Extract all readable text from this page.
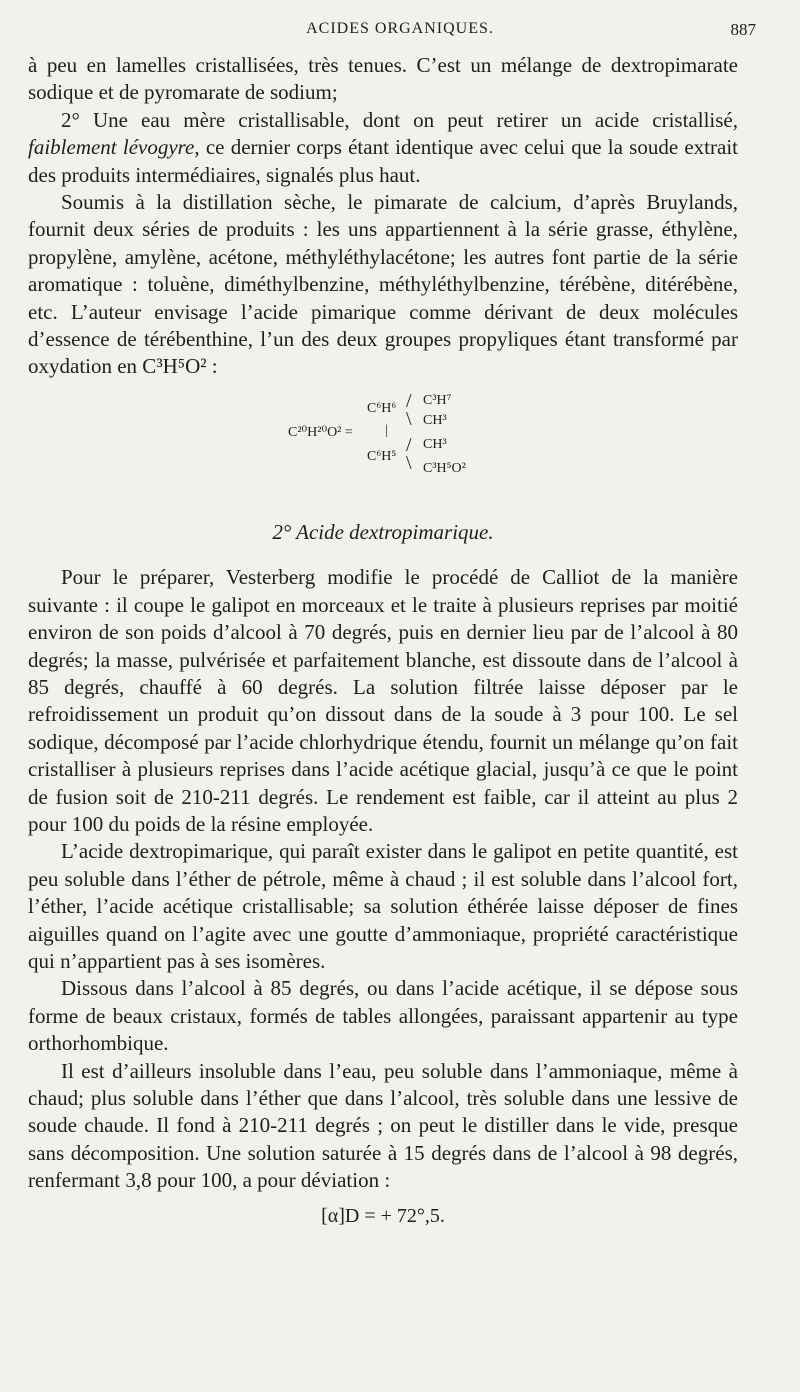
ACIDES ORGANIQUES.	887

à peu en lamelles cristallisées, très tenues. C’est un mélange de dextropimarate sodique et de pyromarate de sodium;

2° Une eau mère cristallisable, dont on peut retirer un acide cristallisé, faiblement lévogyre, ce dernier corps étant identique avec celui que la soude extrait des produits intermédiaires, signalés plus haut.

Soumis à la distillation sèche, le pimarate de calcium, d’après Bruylands, fournit deux séries de produits : les uns appartiennent à la série grasse, éthylène, propylène, amylène, acétone, méthyléthylacétone; les autres font partie de la série aromatique : toluène, diméthylbenzine, méthyléthylbenzine, térébène, ditérébène, etc. L’auteur envisage l’acide pimarique comme dérivant de deux molécules d’essence de térébenthine, l’un des deux groupes propyliques étant transformé par oxydation en C³H⁵O² :

C⁶H⁶ / C³H⁷
\ CH³
C²⁰H²⁰O² = |
/ CH³
C⁶H⁵ \ C³H⁵O²
2° Acide dextropimarique.

Pour le préparer, Vesterberg modifie le procédé de Calliot de la manière suivante : il coupe le galipot en morceaux et le traite à plusieurs reprises par moitié environ de son poids d’alcool à 70 degrés, puis en dernier lieu par de l’alcool à 80 degrés; la masse, pulvérisée et parfaitement blanche, est dissoute dans de l’alcool à 85 degrés, chauffé à 60 degrés. La solution filtrée laisse déposer par le refroidissement un produit qu’on dissout dans de la soude à 3 pour 100. Le sel sodique, décomposé par l’acide chlorhydrique étendu, fournit un mélange qu’on fait cristalliser à plusieurs reprises dans l’acide acétique glacial, jusqu’à ce que le point de fusion soit de 210-211 degrés. Le rendement est faible, car il atteint au plus 2 pour 100 du poids de la résine employée.

L’acide dextropimarique, qui paraît exister dans le galipot en petite quantité, est peu soluble dans l’éther de pétrole, même à chaud ; il est soluble dans l’alcool fort, l’éther, l’acide acétique cristallisable; sa solution éthérée laisse déposer de fines aiguilles quand on l’agite avec une goutte d’ammoniaque, propriété caractéristique qui n’appartient pas à ses isomères.

Dissous dans l’alcool à 85 degrés, ou dans l’acide acétique, il se dépose sous forme de beaux cristaux, formés de tables allongées, paraissant appartenir au type orthorhombique.

Il est d’ailleurs insoluble dans l’eau, peu soluble dans l’ammoniaque, même à chaud; plus soluble dans l’éther que dans l’alcool, très soluble dans une lessive de soude chaude. Il fond à 210-211 degrés ; on peut le distiller dans le vide, presque sans décomposition. Une solution saturée à 15 degrés dans de l’alcool à 98 degrés, renfermant 3,8 pour 100, a pour déviation :

[α]D = + 72°,5.
